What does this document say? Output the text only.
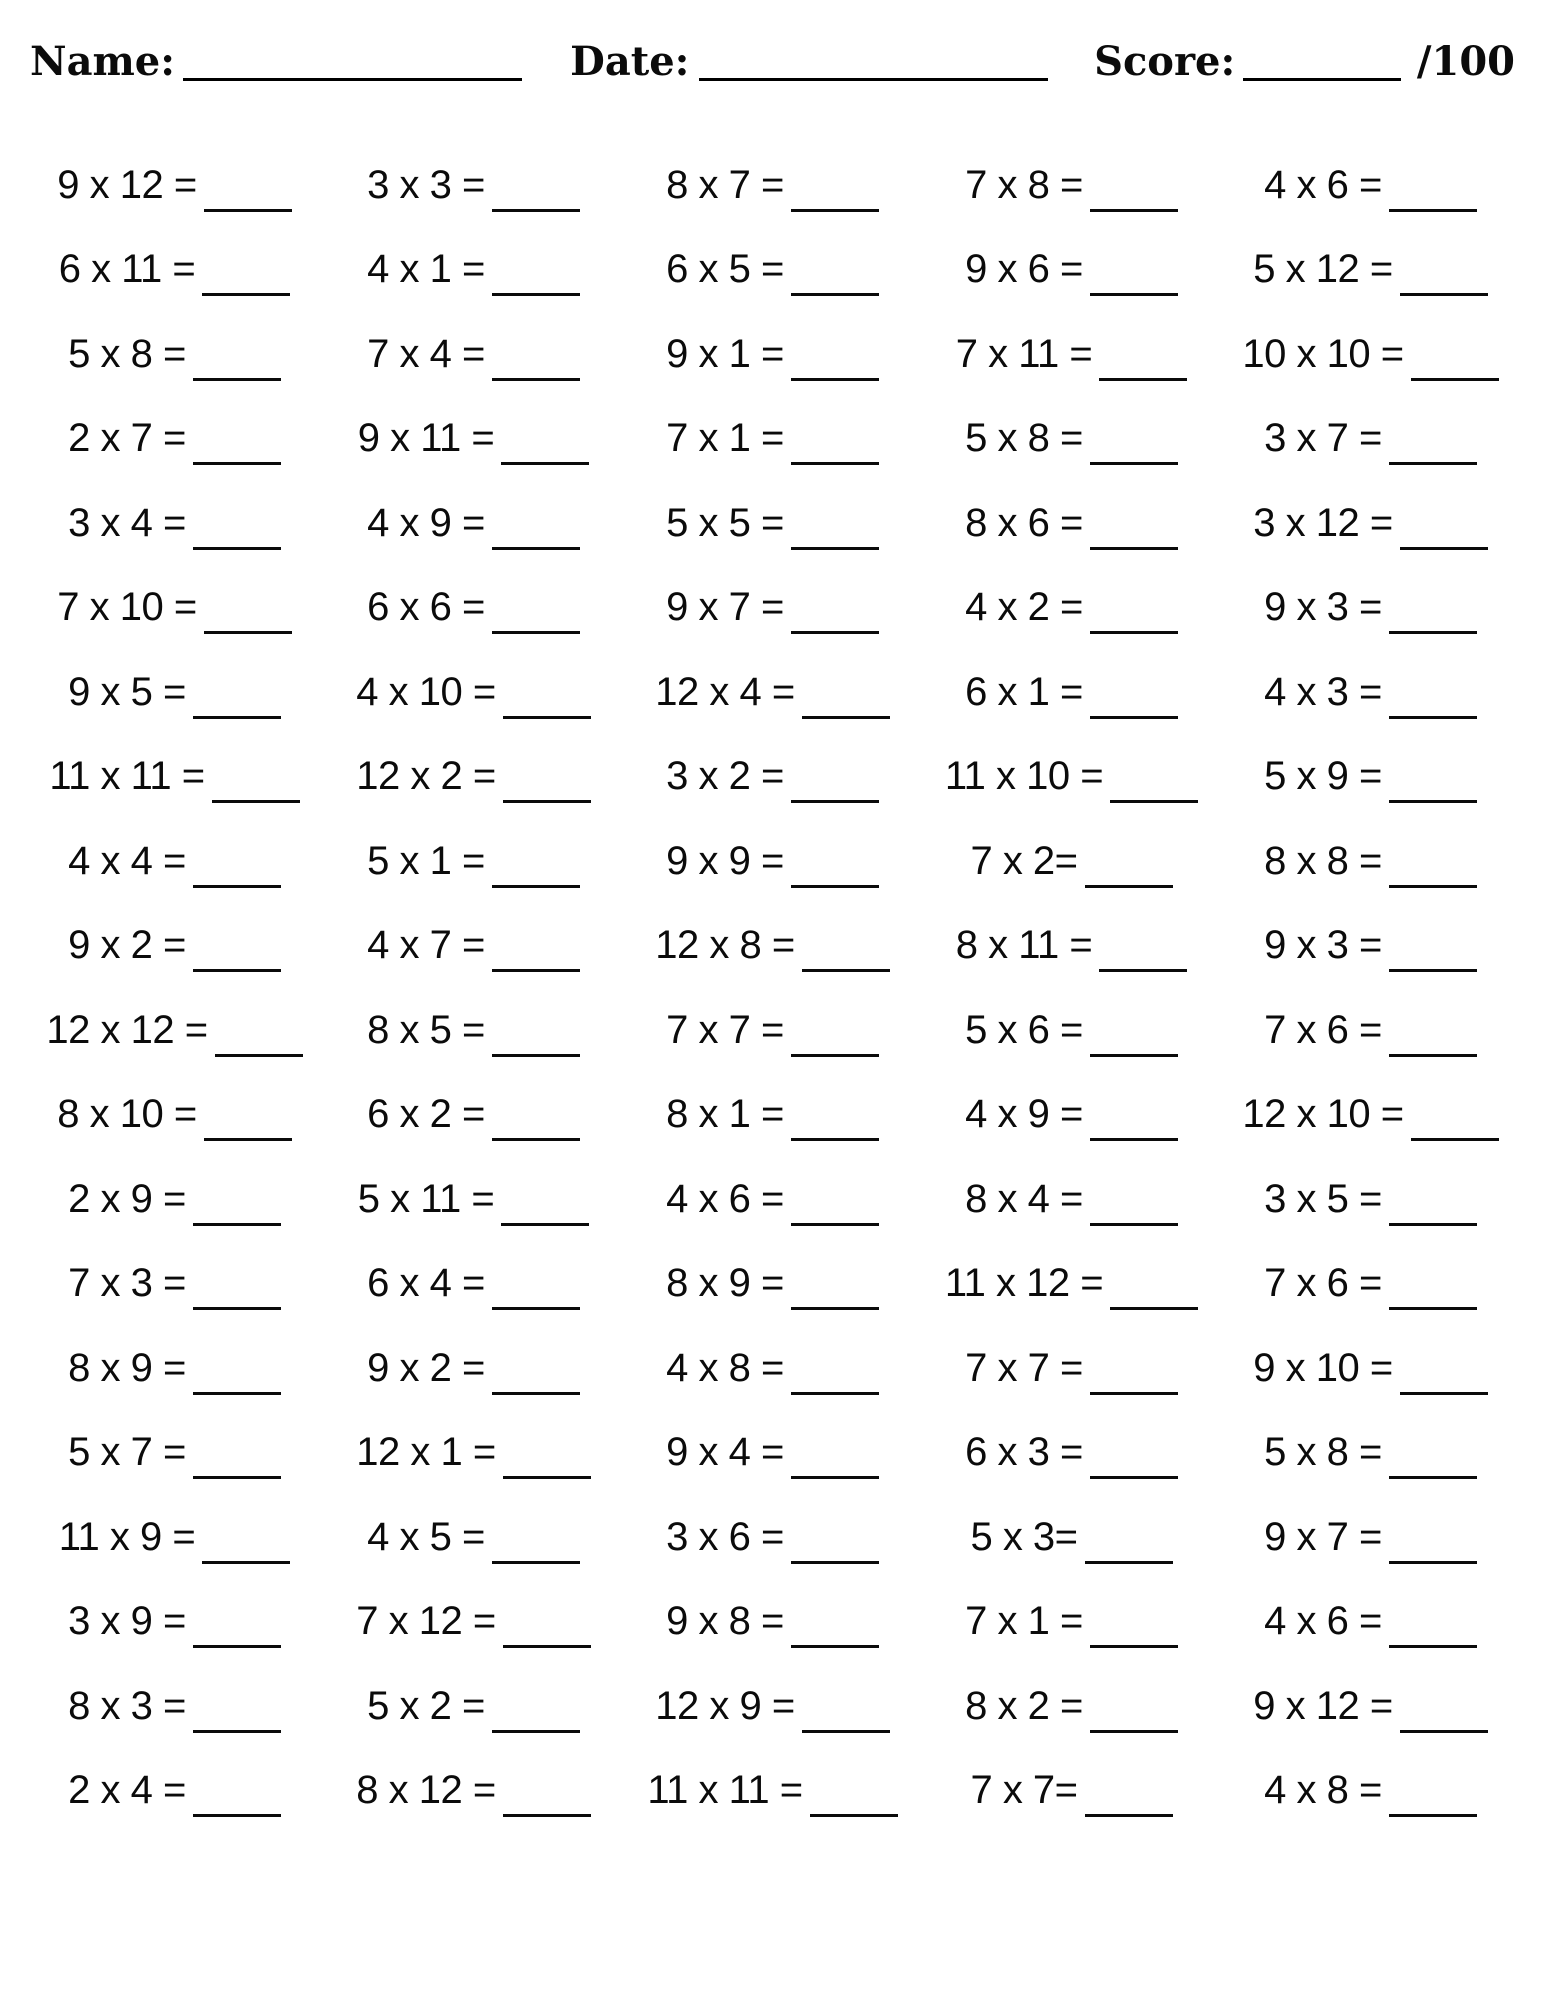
Name:	Date:	Score:	/100
9 x 12 =	3 x 3 =	8 x 7 =	7 x 8 =	4 x 6 =
6 x 11 =	4 x 1 =	6 x 5 =	9 x 6 =	5 x 12 =
5 x 8 =	7 x 4 =	9 x 1 =	7 x 11 =	10 x 10 =
2 x 7 =	9 x 11 =	7 x 1 =	5 x 8 =	3 x 7 =
3 x 4 =	4 x 9 =	5 x 5 =	8 x 6 =	3 x 12 =
7 x 10 =	6 x 6 =	9 x 7 =	4 x 2 =	9 x 3 =
9 x 5 =	4 x 10 =	12 x 4 =	6 x 1 =	4 x 3 =
11 x 11 =	12 x 2 =	3 x 2 =	11 x 10 =	5 x 9 =
4 x 4 =	5 x 1 =	9 x 9 =	7 x 2=	8 x 8 =
9 x 2 =	4 x 7 =	12 x 8 =	8 x 11 =	9 x 3 =
12 x 12 =	8 x 5 =	7 x 7 =	5 x 6 =	7 x 6 =
8 x 10 =	6 x 2 =	8 x 1 =	4 x 9 =	12 x 10 =
2 x 9 =	5 x 11 =	4 x 6 =	8 x 4 =	3 x 5 =
7 x 3 =	6 x 4 =	8 x 9 =	11 x 12 =	7 x 6 =
8 x 9 =	9 x 2 =	4 x 8 =	7 x 7 =	9 x 10 =
5 x 7 =	12 x 1 =	9 x 4 =	6 x 3 =	5 x 8 =
11 x 9 =	4 x 5 =	3 x 6 =	5 x 3=	9 x 7 =
3 x 9 =	7 x 12 =	9 x 8 =	7 x 1 =	4 x 6 =
8 x 3 =	5 x 2 =	12 x 9 =	8 x 2 =	9 x 12 =
2 x 4 =	8 x 12 =	11 x 11 =	7 x 7=	4 x 8 =
